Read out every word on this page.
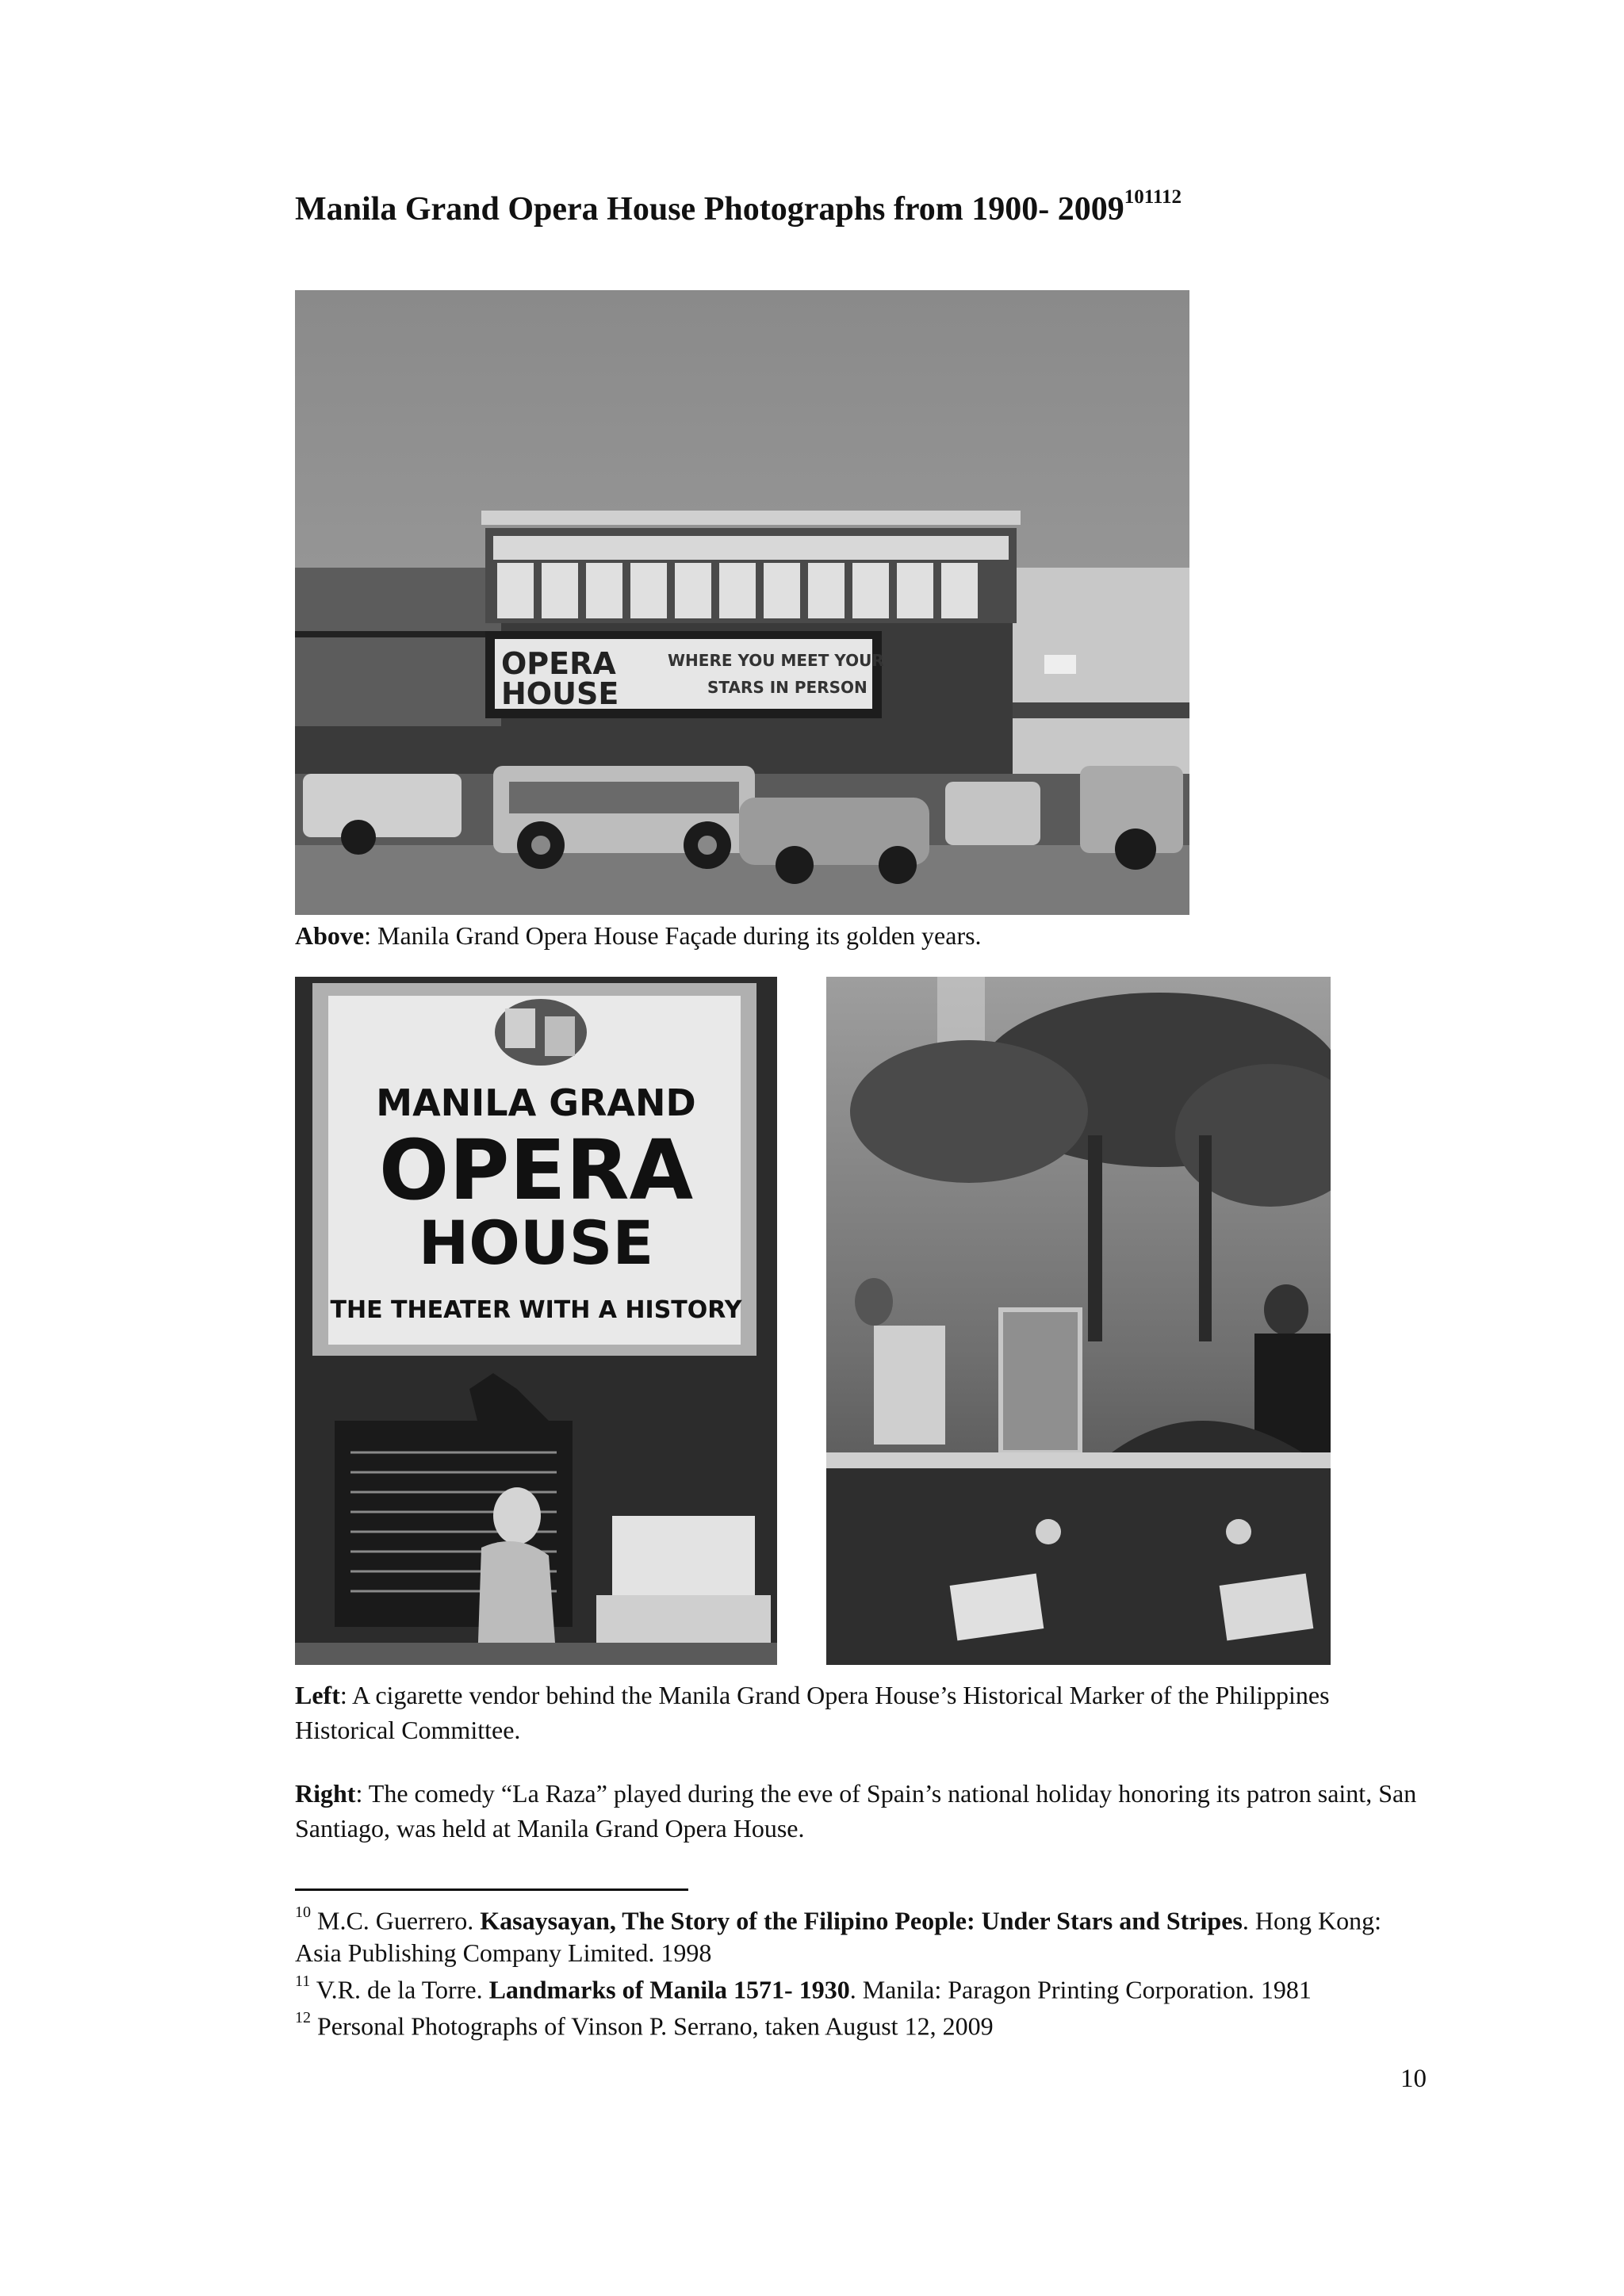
Manila Grand Opera House Photographs from 1900- $2009^{101112}$
OPERA
HOUSE
WHERE YOU MEET YOUR
STARS IN PERSON

Above: Manila Grand Opera House Façade during its golden years.

MANILA GRAND
OPERA
HOUSE
THE THEATER WITH A HISTORY

Left: A cigarette vendor behind the Manila Grand Opera House’s Historical Marker of the Philippines Historical Committee.

Right: The comedy “La Raza” played during the eve of Spain’s national holiday honoring its patron saint, San Santiago, was held at Manila Grand Opera House.

$^{10}$ M.C. Guerrero. Kasaysayan, The Story of the Filipino People: Under Stars and Stripes. Hong Kong: Asia Publishing Company Limited. 1998

$^{11}$ V.R. de la Torre. Landmarks of Manila 1571- 1930. Manila: Paragon Printing Corporation. 1981

$^{12}$ Personal Photographs of Vinson P. Serrano, taken August 12, 2009

10
